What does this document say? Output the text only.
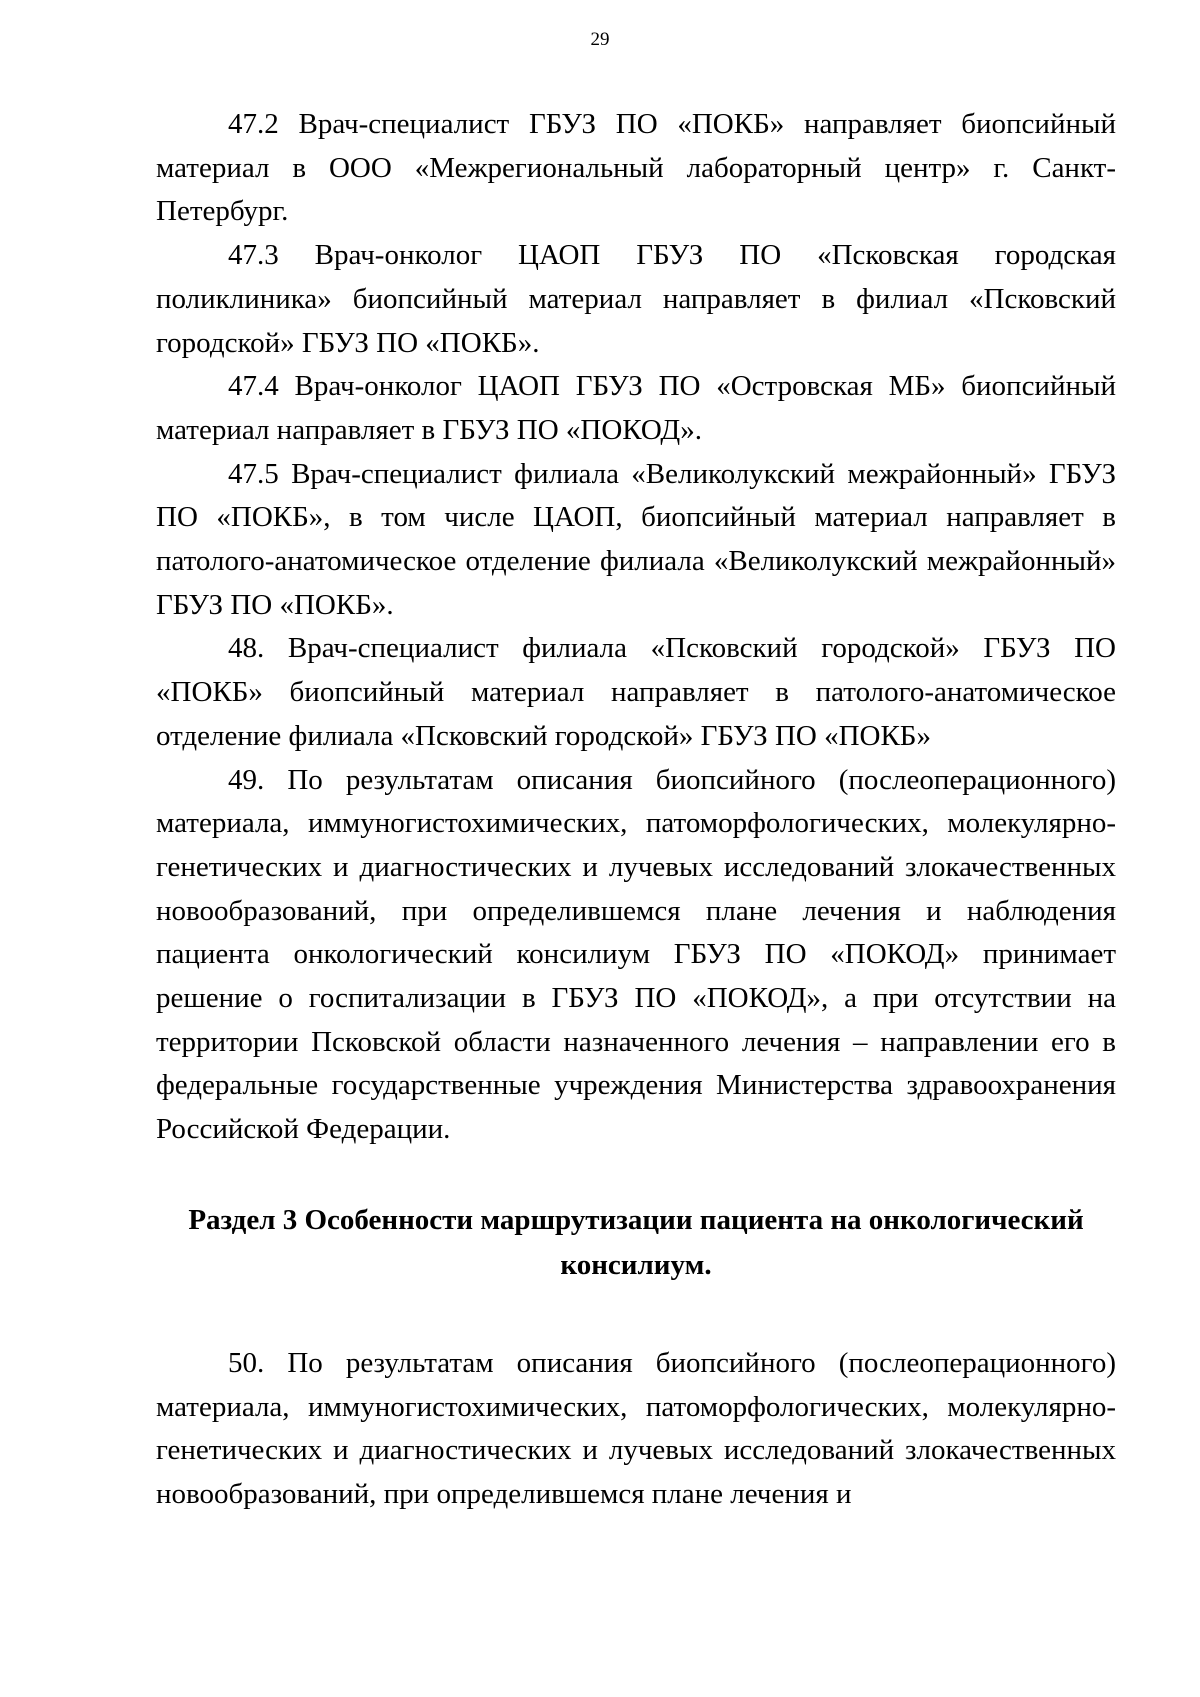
29

47.2 Врач-специалист ГБУЗ ПО «ПОКБ» направляет биопсийный материал в ООО «Межрегиональный лабораторный центр» г. Санкт-Петербург.

47.3 Врач-онколог ЦАОП ГБУЗ ПО «Псковская городская поликлиника» биопсийный материал направляет в филиал «Псковский городской» ГБУЗ ПО «ПОКБ».

47.4 Врач-онколог ЦАОП ГБУЗ ПО «Островская МБ» биопсийный материал направляет в ГБУЗ ПО «ПОКОД».

47.5 Врач-специалист филиала «Великолукский межрайонный» ГБУЗ ПО «ПОКБ», в том числе ЦАОП, биопсийный материал направляет в патолого-анатомическое отделение филиала «Великолукский межрайонный» ГБУЗ ПО «ПОКБ».

48. Врач-специалист филиала «Псковский городской» ГБУЗ ПО «ПОКБ» биопсийный материал направляет в патолого-анатомическое отделение филиала «Псковский городской» ГБУЗ ПО «ПОКБ»

49. По результатам описания биопсийного (послеоперационного) материала, иммуногистохимических, патоморфологических, молекулярно-генетических и диагностических и лучевых исследований злокачественных новообразований, при определившемся плане лечения и наблюдения пациента онкологический консилиум ГБУЗ ПО «ПОКОД» принимает решение о госпитализации в ГБУЗ ПО «ПОКОД», а при отсутствии на территории Псковской области назначенного лечения – направлении его в федеральные государственные учреждения Министерства здравоохранения Российской Федерации.

Раздел 3 Особенности маршрутизации пациента на онкологический консилиум.

50. По результатам описания биопсийного (послеоперационного) материала, иммуногистохимических, патоморфологических, молекулярно-генетических и диагностических и лучевых исследований злокачественных новообразований, при определившемся плане лечения и
